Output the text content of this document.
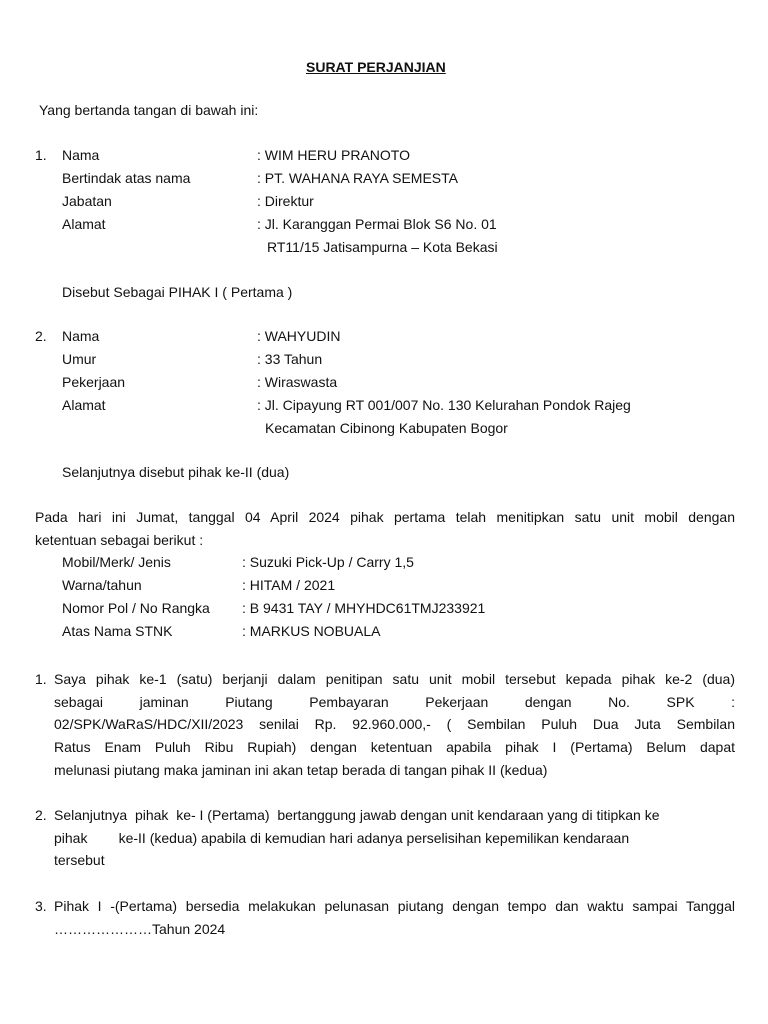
SURAT PERJANJIAN
Yang bertanda tangan di bawah ini:
1. Nama	: WIM HERU PRANOTO
Bertindak atas nama	: PT. WAHANA RAYA SEMESTA
Jabatan	: Direktur
Alamat	: Jl. Karanggan Permai Blok S6 No. 01
RT11/15 Jatisampurna – Kota Bekasi
Disebut Sebagai PIHAK I ( Pertama )
2. Nama	: WAHYUDIN
Umur	: 33 Tahun
Pekerjaan	: Wiraswasta
Alamat	: Jl. Cipayung RT 001/007 No. 130 Kelurahan Pondok Rajeg
Kecamatan Cibinong Kabupaten Bogor
Selanjutnya disebut pihak ke-II (dua)
Pada hari ini Jumat, tanggal 04 April 2024 pihak pertama telah menitipkan satu unit mobil dengan
ketentuan sebagai berikut :
Mobil/Merk/ Jenis	: Suzuki Pick-Up / Carry 1,5
Warna/tahun	: HITAM / 2021
Nomor Pol / No Rangka : B 9431 TAY / MHYHDC61TMJ233921
Atas Nama STNK	: MARKUS NOBUALA
1. Saya pihak ke-1 (satu) berjanji dalam penitipan satu unit mobil tersebut kepada pihak ke-2 (dua)
sebagai jaminan Piutang Pembayaran Pekerjaan dengan No. SPK :
02/SPK/WaRaS/HDC/XII/2023 senilai Rp. 92.960.000,- ( Sembilan Puluh Dua Juta Sembilan
Ratus Enam Puluh Ribu Rupiah) dengan ketentuan apabila pihak I (Pertama) Belum dapat
melunasi piutang maka jaminan ini akan tetap berada di tangan pihak II (kedua)
2. Selanjutnya  pihak  ke- I (Pertama)  bertanggung jawab dengan unit kendaraan yang di titipkan ke
pihak        ke-II (kedua) apabila di kemudian hari adanya perselisihan kepemilikan kendaraan
tersebut
3. Pihak I -(Pertama) bersedia melakukan pelunasan piutang dengan tempo dan waktu sampai Tanggal
…………………Tahun 2024
